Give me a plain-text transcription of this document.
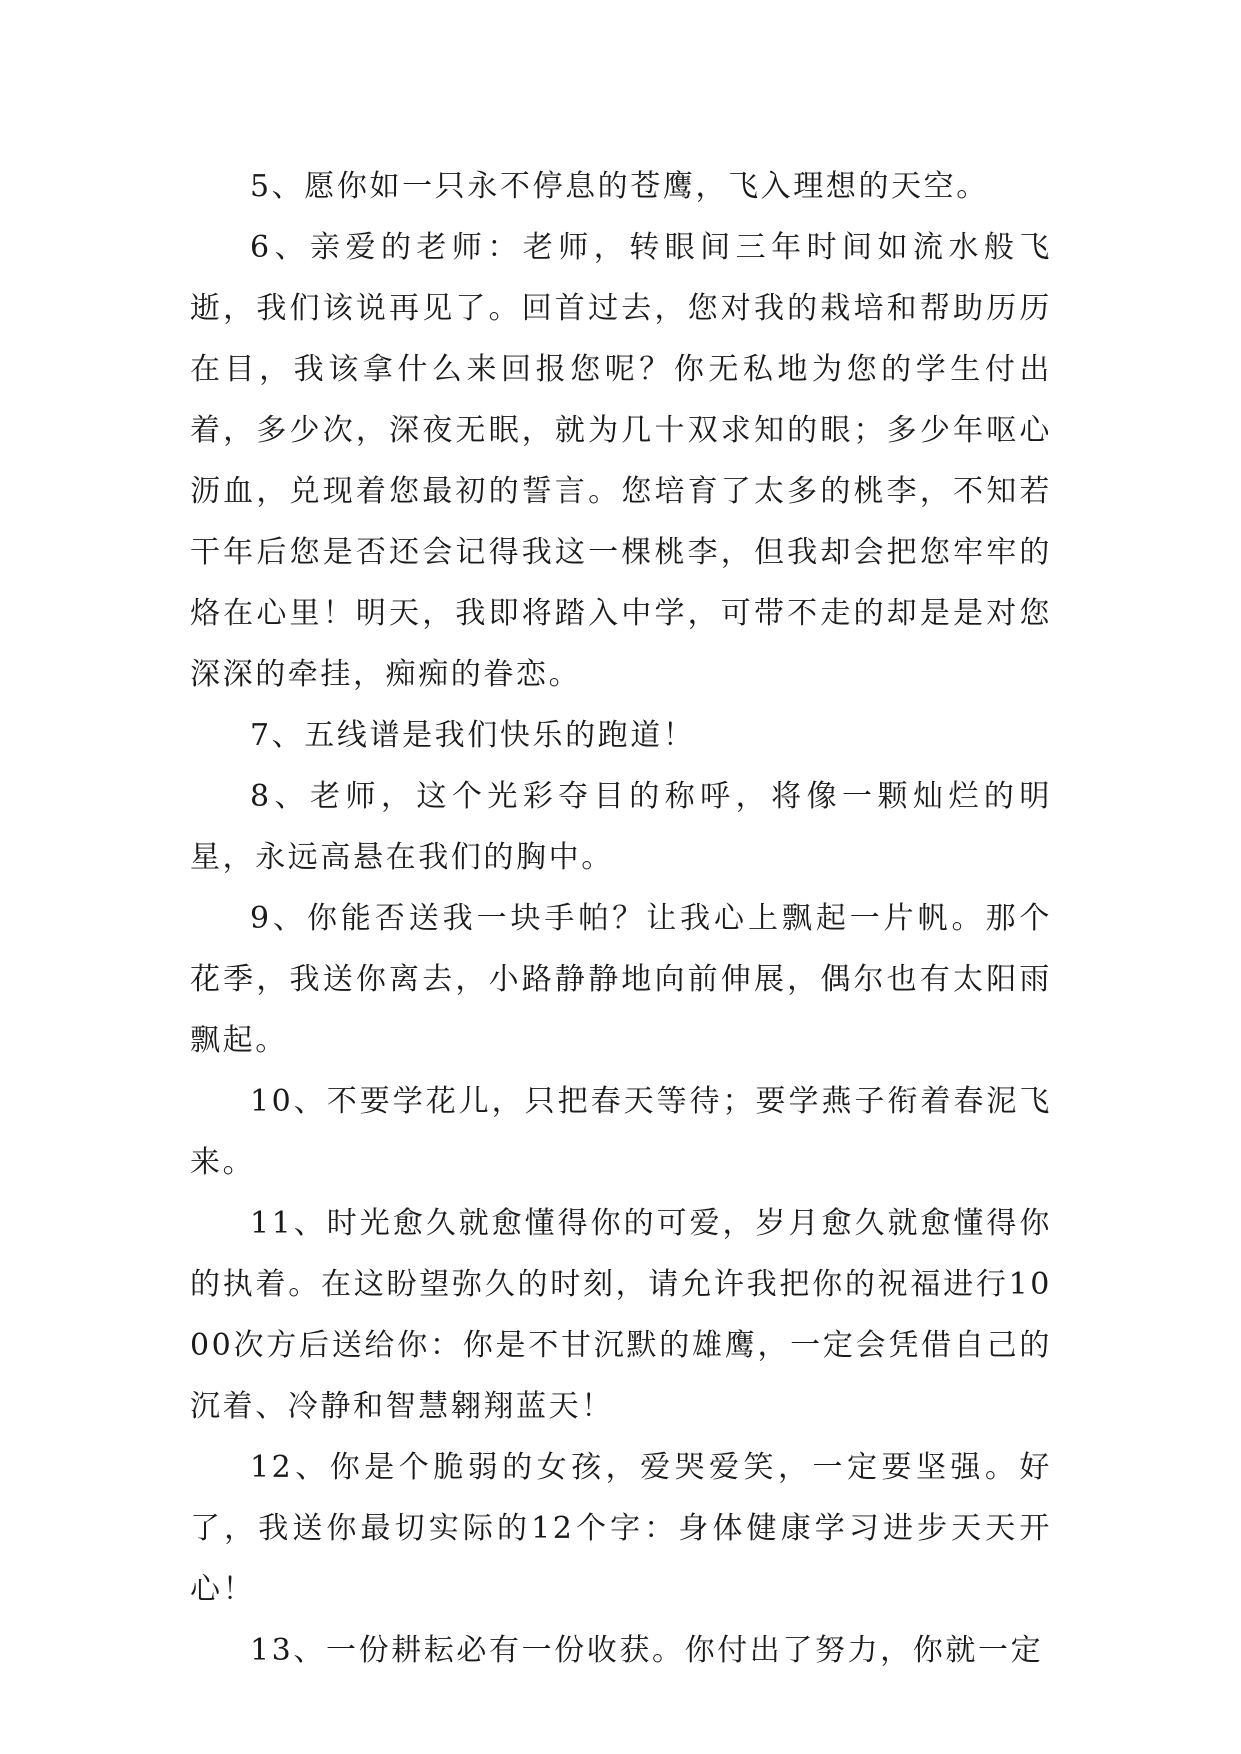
5、愿你如一只永不停息的苍鹰，飞入理想的天空。

6、亲爱的老师：老师，转眼间三年时间如流水般飞逝，我们该说再见了。回首过去，您对我的栽培和帮助历历在目，我该拿什么来回报您呢？你无私地为您的学生付出着，多少次，深夜无眠，就为几十双求知的眼；多少年呕心沥血，兑现着您最初的誓言。您培育了太多的桃李，不知若干年后您是否还会记得我这一棵桃李，但我却会把您牢牢的烙在心里！明天，我即将踏入中学，可带不走的却是是对您深深的牵挂，痴痴的眷恋。

7、五线谱是我们快乐的跑道！

8、老师，这个光彩夺目的称呼，将像一颗灿烂的明星，永远高悬在我们的胸中。

9、你能否送我一块手帕？让我心上飘起一片帆。那个花季，我送你离去，小路静静地向前伸展，偶尔也有太阳雨飘起。

10、不要学花儿，只把春天等待；要学燕子衔着春泥飞来。

11、时光愈久就愈懂得你的可爱，岁月愈久就愈懂得你的执着。在这盼望弥久的时刻，请允许我把你的祝福进行1000次方后送给你：你是不甘沉默的雄鹰，一定会凭借自己的沉着、冷静和智慧翱翔蓝天！

12、你是个脆弱的女孩，爱哭爱笑，一定要坚强。好了，我送你最切实际的12个字：身体健康学习进步天天开心！

13、一份耕耘必有一份收获。你付出了努力，你就一定
